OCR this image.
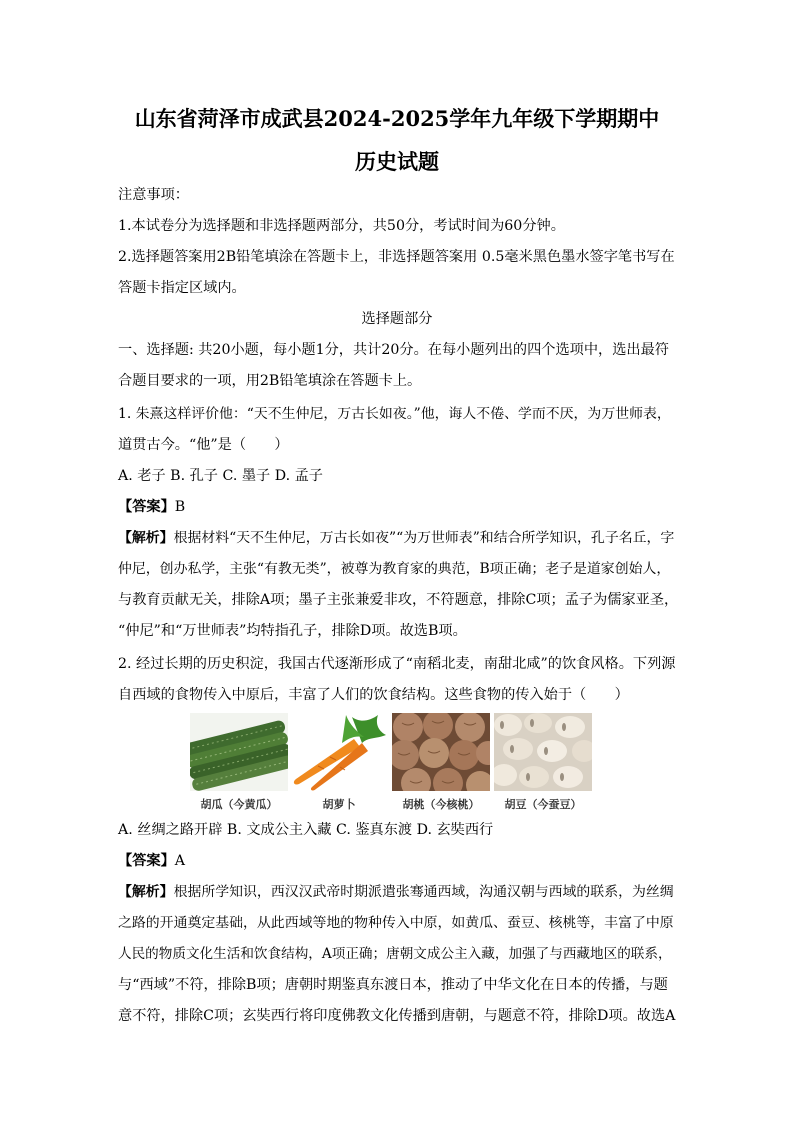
山东省菏泽市成武县2024-2025学年九年级下学期期中
历史试题
注意事项：
1.本试卷分为选择题和非选择题两部分，共50分，考试时间为60分钟。
2.选择题答案用2B铅笔填涂在答题卡上，非选择题答案用 0.5毫米黑色墨水签字笔书写在
答题卡指定区域内。
选择题部分
一、选择题: 共20小题，每小题1分，共计20分。在每小题列出的四个选项中，选出最符
合题目要求的一项，用2B铅笔填涂在答题卡上。
1. 朱熹这样评价他：“天不生仲尼，万古长如夜。”他，诲人不倦、学而不厌，为万世师表，
道贯古今。“他”是（　　）
A. 老子 B. 孔子 C. 墨子 D. 孟子
【答案】B
【解析】根据材料“天不生仲尼，万古长如夜”“为万世师表”和结合所学知识，孔子名丘，字
仲尼，创办私学，主张“有教无类”，被尊为教育家的典范，B项正确；老子是道家创始人，
与教育贡献无关，排除A项；墨子主张兼爱非攻，不符题意，排除C项；孟子为儒家亚圣，
“仲尼”和“万世师表”均特指孔子，排除D项。故选B项。
2. 经过长期的历史积淀，我国古代逐渐形成了“南稻北麦，南甜北咸”的饮食风格。下列源
自西域的食物传入中原后，丰富了人们的饮食结构。这些食物的传入始于（　　）
胡瓜（今黄瓜）	胡萝卜	胡桃（今核桃）	胡豆（今蚕豆）
A. 丝绸之路开辟 B. 文成公主入藏 C. 鉴真东渡 D. 玄奘西行
【答案】A
【解析】根据所学知识，西汉汉武帝时期派遣张骞通西域，沟通汉朝与西域的联系，为丝绸
之路的开通奠定基础，从此西域等地的物种传入中原，如黄瓜、蚕豆、核桃等，丰富了中原
人民的物质文化生活和饮食结构，A项正确；唐朝文成公主入藏，加强了与西藏地区的联系，
与“西域”不符，排除B项；唐朝时期鉴真东渡日本，推动了中华文化在日本的传播，与题
意不符，排除C项；玄奘西行将印度佛教文化传播到唐朝，与题意不符，排除D项。故选A
